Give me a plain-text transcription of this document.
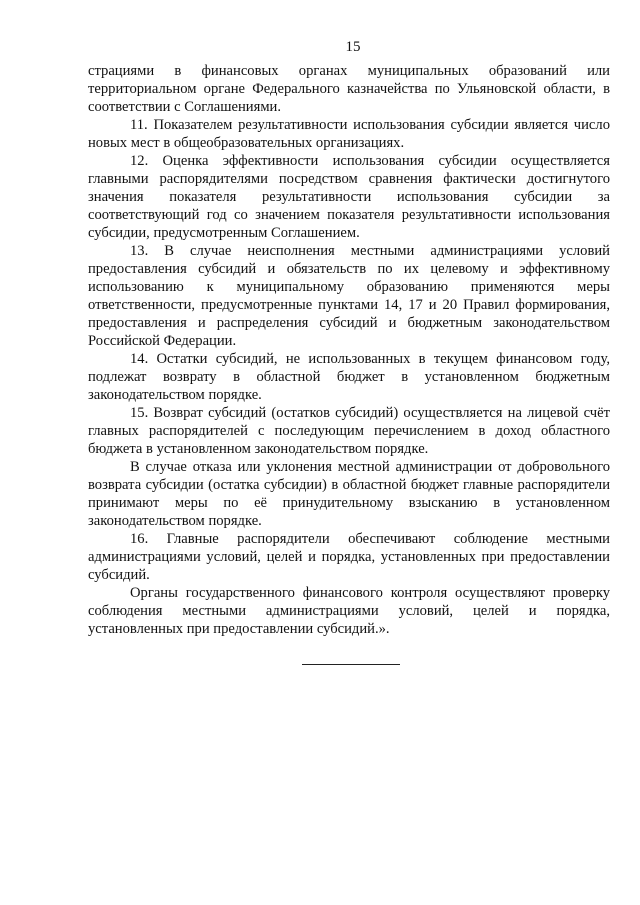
15

страциями в финансовых органах муниципальных образований или территориальном органе Федерального казначейства по Ульяновской области, в соответствии с Соглашениями.

11. Показателем результативности использования субсидии является число новых мест в общеобразовательных организациях.

12. Оценка эффективности использования субсидии осуществляется главными распорядителями посредством сравнения фактически достигнутого значения показателя результативности использования субсидии за соответствующий год со значением показателя результативности использования субсидии, предусмотренным Соглашением.

13. В случае неисполнения местными администрациями условий предоставления субсидий и обязательств по их целевому и эффективному использованию к муниципальному образованию применяются меры ответственности, предусмотренные пунктами 14, 17 и 20 Правил формирования, предоставления и распределения субсидий и бюджетным законодательством Российской Федерации.

14. Остатки субсидий, не использованных в текущем финансовом году, подлежат возврату в областной бюджет в установленном бюджетным законодательством порядке.

15. Возврат субсидий (остатков субсидий) осуществляется на лицевой счёт главных распорядителей с последующим перечислением в доход областного бюджета в установленном законодательством порядке.

В случае отказа или уклонения местной администрации от добровольного возврата субсидии (остатка субсидии) в областной бюджет главные распорядители принимают меры по её принудительному взысканию в установленном законодательством порядке.

16. Главные распорядители обеспечивают соблюдение местными администрациями условий, целей и порядка, установленных при предоставлении субсидий.

Органы государственного финансового контроля осуществляют проверку соблюдения местными администрациями условий, целей и порядка, установленных при предоставлении субсидий.».
